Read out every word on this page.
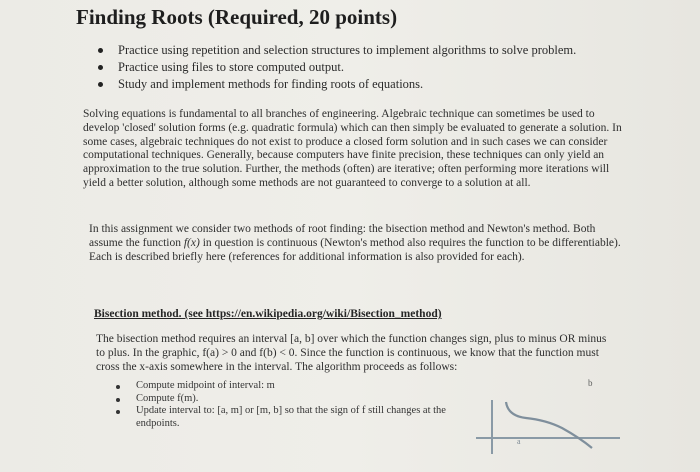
Finding Roots (Required, 20 points)
Practice using repetition and selection structures to implement algorithms to solve problem.
Practice using files to store computed output.
Study and implement methods for finding roots of equations.

Solving equations is fundamental to all branches of engineering. Algebraic technique can sometimes be used to develop 'closed' solution forms (e.g. quadratic formula) which can then simply be evaluated to generate a solution. In some cases, algebraic techniques do not exist to produce a closed form solution and in such cases we can consider computational techniques. Generally, because computers have finite precision, these techniques can only yield an approximation to the true solution. Further, the methods (often) are iterative; often performing more iterations will yield a better solution, although some methods are not guaranteed to converge to a solution at all.

In this assignment we consider two methods of root finding: the bisection method and Newton's method. Both assume the function f(x) in question is continuous (Newton's method also requires the function to be differentiable). Each is described briefly here (references for additional information is also provided for each).

Bisection method. (see https://en.wikipedia.org/wiki/Bisection_method)

The bisection method requires an interval [a, b] over which the function changes sign, plus to minus OR minus to plus. In the graphic, f(a) > 0 and f(b) < 0. Since the function is continuous, we know that the function must cross the x-axis somewhere in the interval. The algorithm proceeds as follows:

Compute midpoint of interval: m
Compute f(m).
Update interval to: [a, m] or [m, b] so that the sign of f still changes at the endpoints.
a
b
